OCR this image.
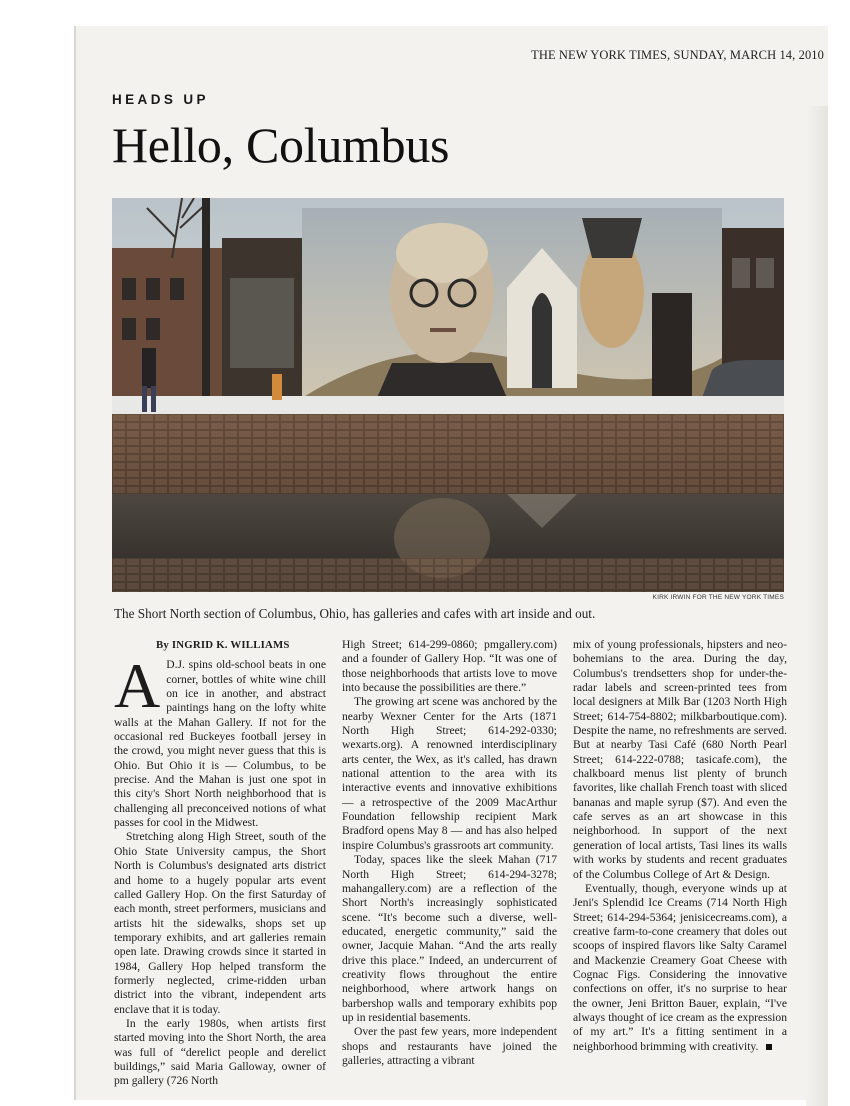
THE NEW YORK TIMES, SUNDAY, MARCH 14, 2010
HEADS UP
Hello, Columbus
KIRK IRWIN FOR THE NEW YORK TIMES
The Short North section of Columbus, Ohio, has galleries and cafes with art inside and out.
By INGRID K. WILLIAMS

A D.J. spins old-school beats in one corner, bottles of white wine chill on ice in another, and abstract paintings hang on the lofty white walls at the Mahan Gallery. If not for the occasional red Buckeyes football jersey in the crowd, you might never guess that this is Ohio. But Ohio it is — Columbus, to be precise. And the Mahan is just one spot in this city's Short North neighborhood that is challenging all preconceived notions of what passes for cool in the Midwest.

Stretching along High Street, south of the Ohio State University campus, the Short North is Columbus's designated arts district and home to a hugely popular arts event called Gallery Hop. On the first Saturday of each month, street performers, musicians and artists hit the sidewalks, shops set up temporary exhibits, and art galleries remain open late. Drawing crowds since it started in 1984, Gallery Hop helped transform the formerly neglected, crime-ridden urban district into the vibrant, independent arts enclave that it is today.

In the early 1980s, when artists first started moving into the Short North, the area was full of “derelict people and derelict buildings,” said Maria Galloway, owner of pm gallery (726 North

High Street; 614-299-0860; pmgallery.com) and a founder of Gallery Hop. “It was one of those neighborhoods that artists love to move into because the possibilities are there.”

The growing art scene was anchored by the nearby Wexner Center for the Arts (1871 North High Street; 614-292-0330; wexarts.org). A renowned interdisciplinary arts center, the Wex, as it's called, has drawn national attention to the area with its interactive events and innovative exhibitions — a retrospective of the 2009 MacArthur Foundation fellowship recipient Mark Bradford opens May 8 — and has also helped inspire Columbus's grassroots art community.

Today, spaces like the sleek Mahan (717 North High Street; 614-294-3278; mahangallery.com) are a reflection of the Short North's increasingly sophisticated scene. “It's become such a diverse, well-educated, energetic community,” said the owner, Jacquie Mahan. “And the arts really drive this place.” Indeed, an undercurrent of creativity flows throughout the entire neighborhood, where artwork hangs on barbershop walls and temporary exhibits pop up in residential basements.

Over the past few years, more independent shops and restaurants have joined the galleries, attracting a vibrant

mix of young professionals, hipsters and neo-bohemians to the area. During the day, Columbus's trendsetters shop for under-the-radar labels and screen-printed tees from local designers at Milk Bar (1203 North High Street; 614-754-8802; milkbarboutique.com). Despite the name, no refreshments are served. But at nearby Tasi Café (680 North Pearl Street; 614-222-0788; tasicafe.com), the chalkboard menus list plenty of brunch favorites, like challah French toast with sliced bananas and maple syrup ($7). And even the cafe serves as an art showcase in this neighborhood. In support of the next generation of local artists, Tasi lines its walls with works by students and recent graduates of the Columbus College of Art & Design.

Eventually, though, everyone winds up at Jeni's Splendid Ice Creams (714 North High Street; 614-294-5364; jenisicecreams.com), a creative farm-to-cone creamery that doles out scoops of inspired flavors like Salty Caramel and Mackenzie Creamery Goat Cheese with Cognac Figs. Considering the innovative confections on offer, it's no surprise to hear the owner, Jeni Britton Bauer, explain, “I've always thought of ice cream as the expression of my art.” It's a fitting sentiment in a neighborhood brimming with creativity.
